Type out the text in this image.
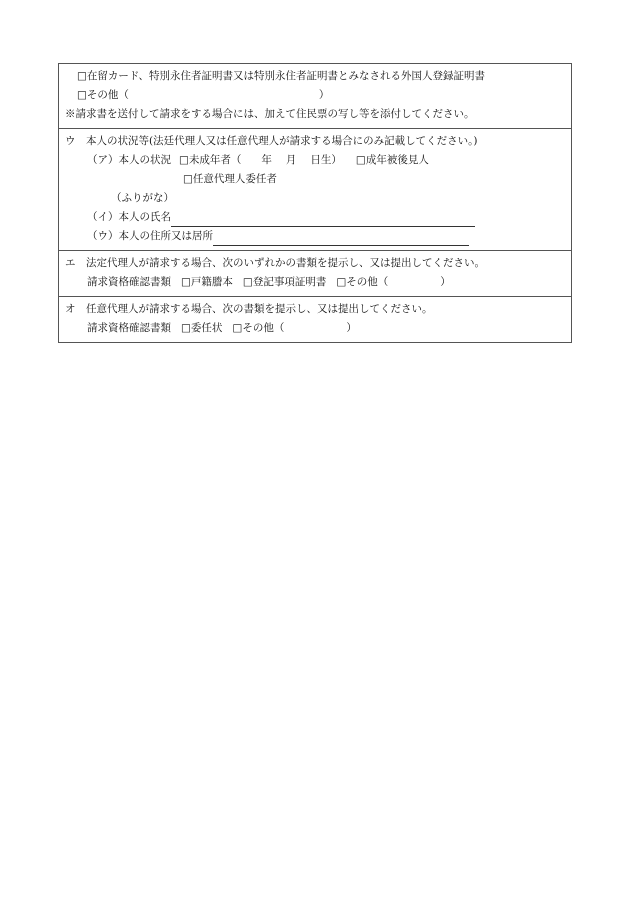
□在留カード、特別永住者証明書又は特別永住者証明書とみなされる外国人登録証明書
□その他（	）
※請求書を送付して請求をする場合には、加えて住民票の写し等を添付してください。
ウ　本人の状況等(法廷代理人又は任意代理人が請求する場合にのみ記載してください。)
（ア）本人の状況 □未成年者（ 年 月 日生） □成年被後見人
□任意代理人委任者
（ふりがな）
（イ）本人の氏名
（ウ）本人の住所又は居所
エ　法定代理人が請求する場合、次のいずれかの書類を提示し、又は提出してください。
請求資格確認書類 □戸籍謄本 □登記事項証明書 □その他（	）
オ　任意代理人が請求する場合、次の書類を提示し、又は提出してください。
請求資格確認書類 □委任状 □その他（	）
